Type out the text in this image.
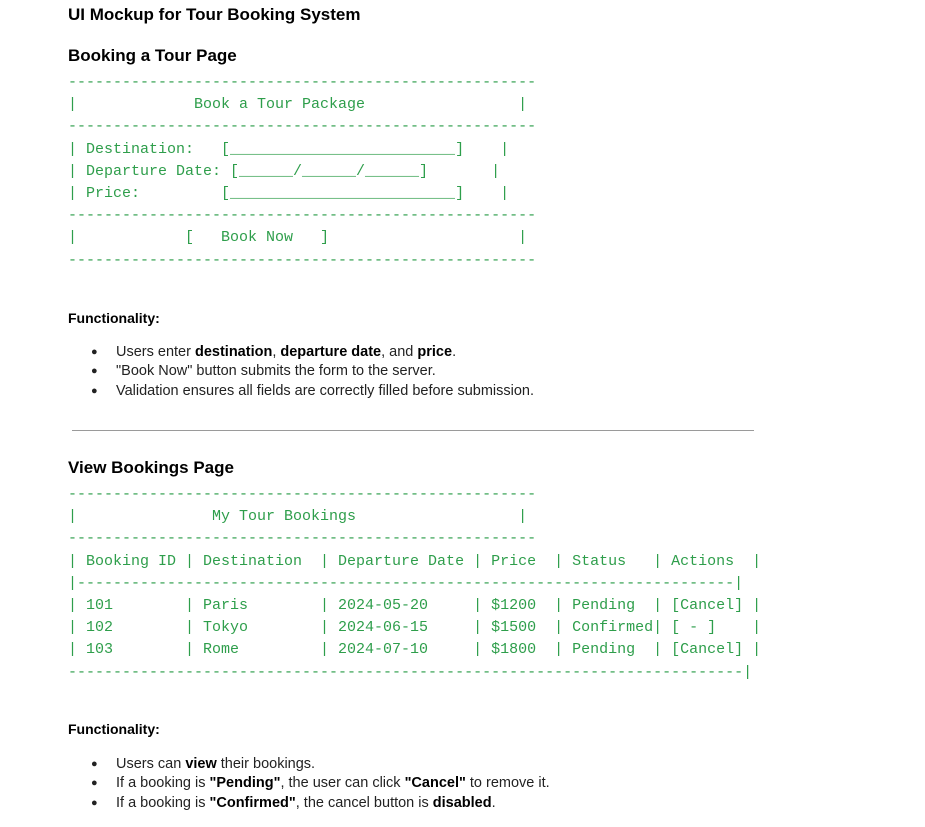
UI Mockup for Tour Booking System
Booking a Tour Page
----------------------------------------------------
|             Book a Tour Package                 |
----------------------------------------------------
| Destination:   [_________________________]    |
| Departure Date: [______/______/______]       |
| Price:         [_________________________]    |
----------------------------------------------------
|            [   Book Now   ]                     |
----------------------------------------------------
Functionality:
● Users enter destination, departure date, and price.
● "Book Now" button submits the form to the server.
● Validation ensures all fields are correctly filled before submission.
View Bookings Page
----------------------------------------------------
|               My Tour Bookings                  |
----------------------------------------------------
| Booking ID | Destination  | Departure Date | Price  | Status   | Actions  |
|-------------------------------------------------------------------------|
| 101        | Paris        | 2024-05-20     | $1200  | Pending  | [Cancel] |
| 102        | Tokyo        | 2024-06-15     | $1500  | Confirmed| [ - ]    |
| 103        | Rome         | 2024-07-10     | $1800  | Pending  | [Cancel] |
---------------------------------------------------------------------------|
Functionality:
● Users can view their bookings.
● If a booking is "Pending", the user can click "Cancel" to remove it.
● If a booking is "Confirmed", the cancel button is disabled.
